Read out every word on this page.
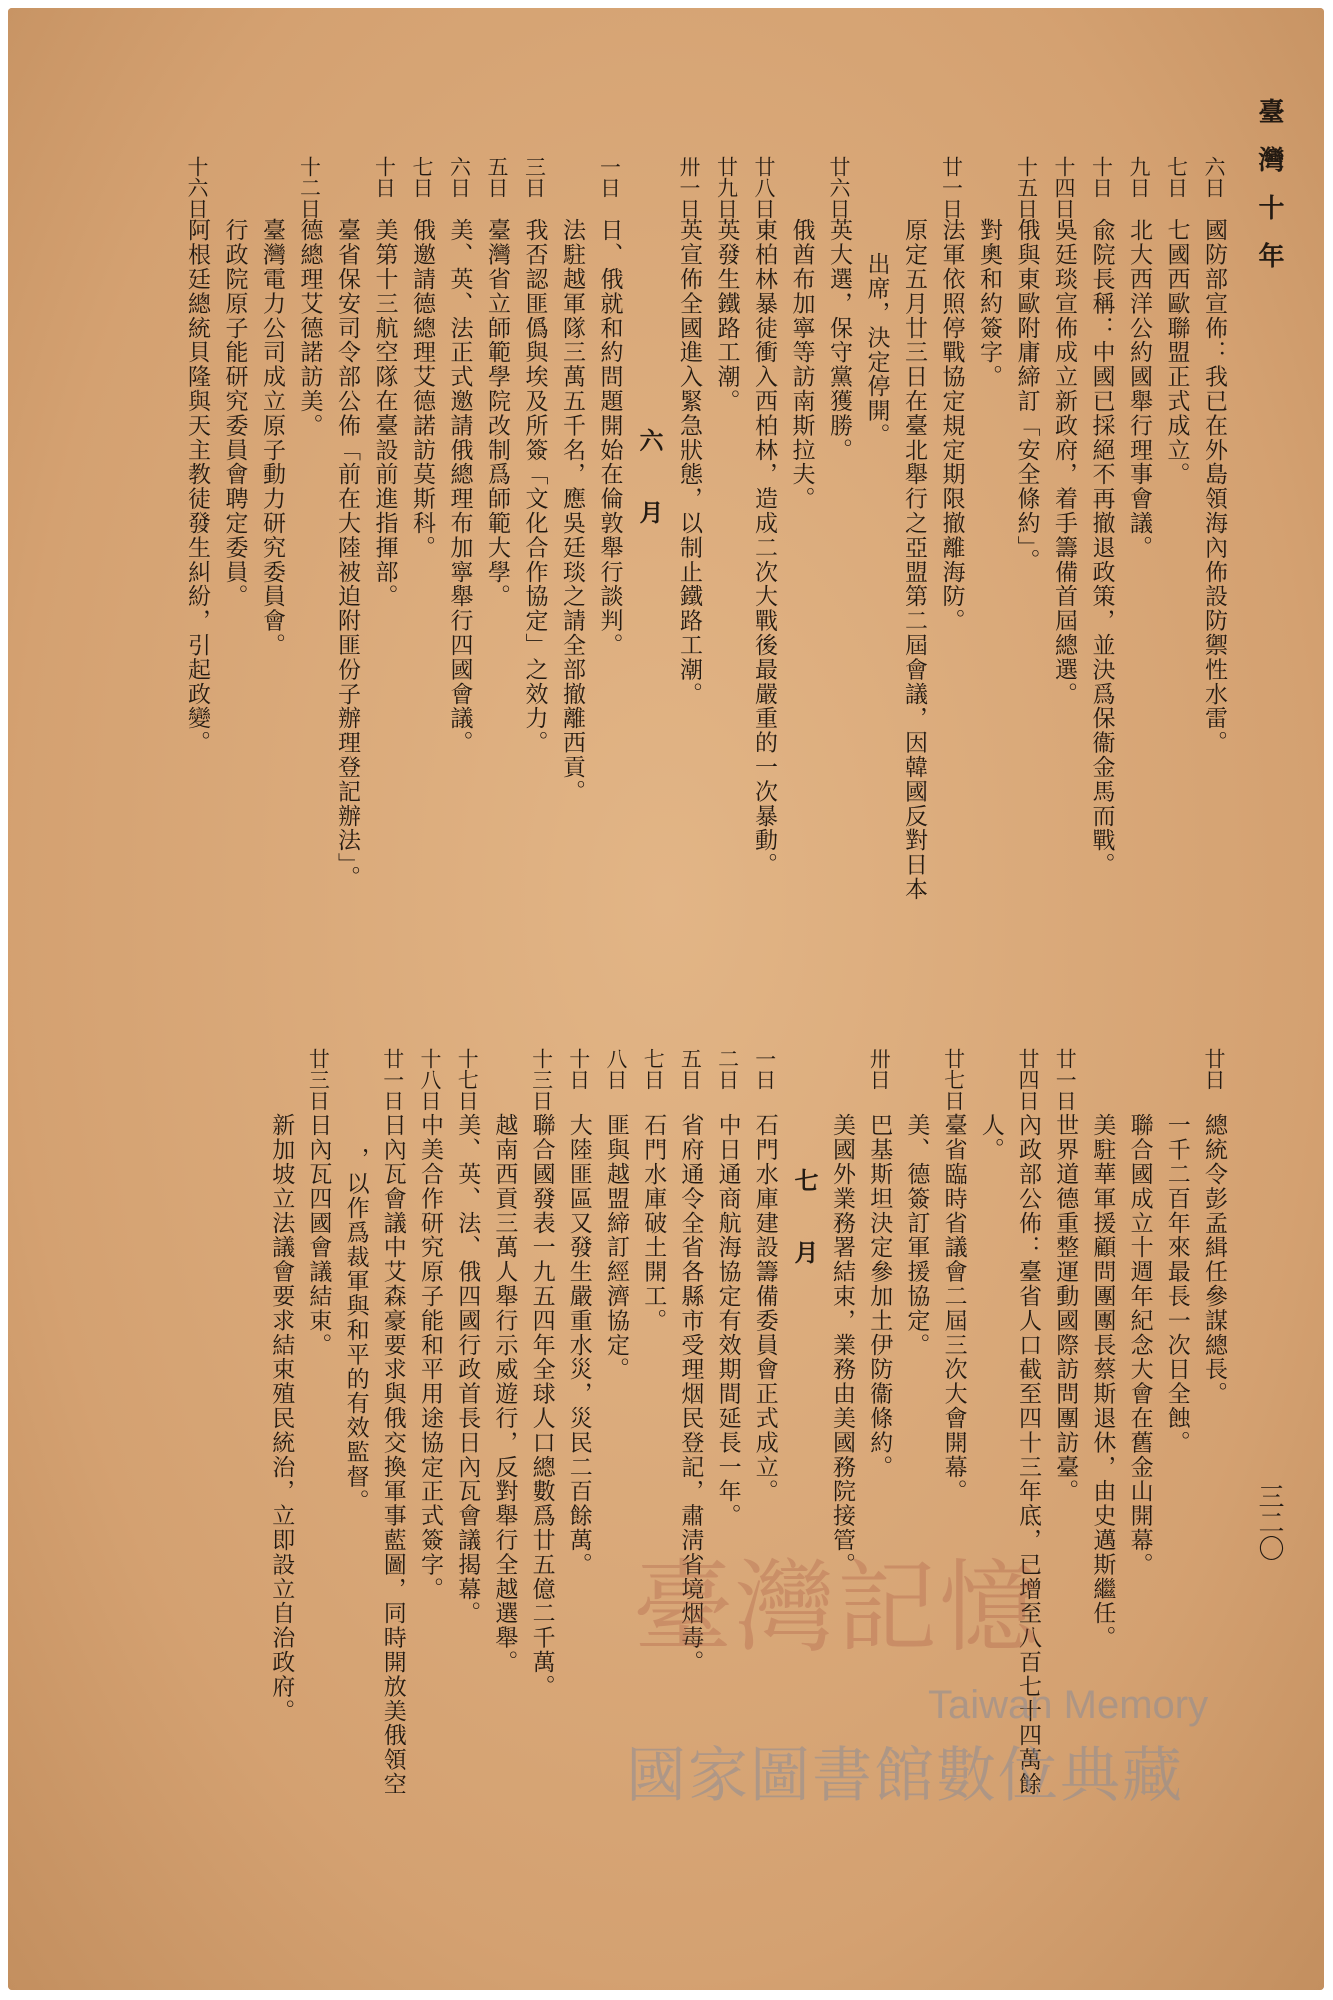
臺灣十年
三二〇
六日
國防部宣佈：我已在外島領海內佈設防禦性水雷。
七日
七國西歐聯盟正式成立。
九日
北大西洋公約國舉行理事會議。
十日
兪院長稱：中國已採絕不再撤退政策，並決爲保衞金馬而戰。
十四日
吳廷琰宣佈成立新政府，着手籌備首屆總選。
十五日
俄與東歐附庸締訂「安全條約」。
對奧和約簽字。
廿一日
法軍依照停戰協定規定期限撤離海防。
原定五月廿三日在臺北舉行之亞盟第二屆會議，因韓國反對日本
出席，決定停開。
廿六日
英大選，保守黨獲勝。
俄酋布加寧等訪南斯拉夫。
廿八日
東柏林暴徒衝入西柏林，造成二次大戰後最嚴重的一次暴動。
廿九日
英發生鐵路工潮。
卅一日
英宣佈全國進入緊急狀態，以制止鐵路工潮。
六月
一日
日、俄就和約問題開始在倫敦舉行談判。
法駐越軍隊三萬五千名，應吳廷琰之請全部撤離西貢。
三日
我否認匪僞與埃及所簽「文化合作協定」之效力。
五日
臺灣省立師範學院改制爲師範大學。
六日
美、英、法正式邀請俄總理布加寧舉行四國會議。
七日
俄邀請德總理艾德諾訪莫斯科。
十日
美第十三航空隊在臺設前進指揮部。
臺省保安司令部公佈「前在大陸被迫附匪份子辦理登記辦法」。
十二日
德總理艾德諾訪美。
臺灣電力公司成立原子動力研究委員會。
行政院原子能研究委員會聘定委員。
十六日
阿根廷總統貝隆與天主教徒發生糾紛，引起政變。
廿日
總統令彭孟緝任參謀總長。
一千二百年來最長一次日全蝕。
聯合國成立十週年紀念大會在舊金山開幕。
美駐華軍援顧問團團長蔡斯退休，由史邁斯繼任。
廿一日
世界道德重整運動國際訪問團訪臺。
廿四日
內政部公佈：臺省人口截至四十三年底，已增至八百七十四萬餘
人。
廿七日
臺省臨時省議會二屆三次大會開幕。
美、德簽訂軍援協定。
卅日
巴基斯坦決定參加土伊防衞條約。
美國外業務署結束，業務由美國務院接管。
七月
一日
石門水庫建設籌備委員會正式成立。
二日
中日通商航海協定有效期間延長一年。
五日
省府通令全省各縣市受理烟民登記，肅淸省境烟毒。
七日
石門水庫破土開工。
八日
匪與越盟締訂經濟協定。
十日
大陸匪區又發生嚴重水災，災民二百餘萬。
十三日
聯合國發表一九五四年全球人口總數爲廿五億二千萬。
越南西貢三萬人舉行示威遊行，反對舉行全越選舉。
十七日
美、英、法、俄四國行政首長日內瓦會議揭幕。
十八日
中美合作研究原子能和平用途協定正式簽字。
廿一日
日內瓦會議中艾森豪要求與俄交換軍事藍圖，同時開放美俄領空
，以作爲裁軍與和平的有效監督。
廿三日
日內瓦四國會議結束。
新加坡立法議會要求結束殖民統治，立即設立自治政府。	臺灣記憶
Taiwan Memory
國家圖書館數位典藏
